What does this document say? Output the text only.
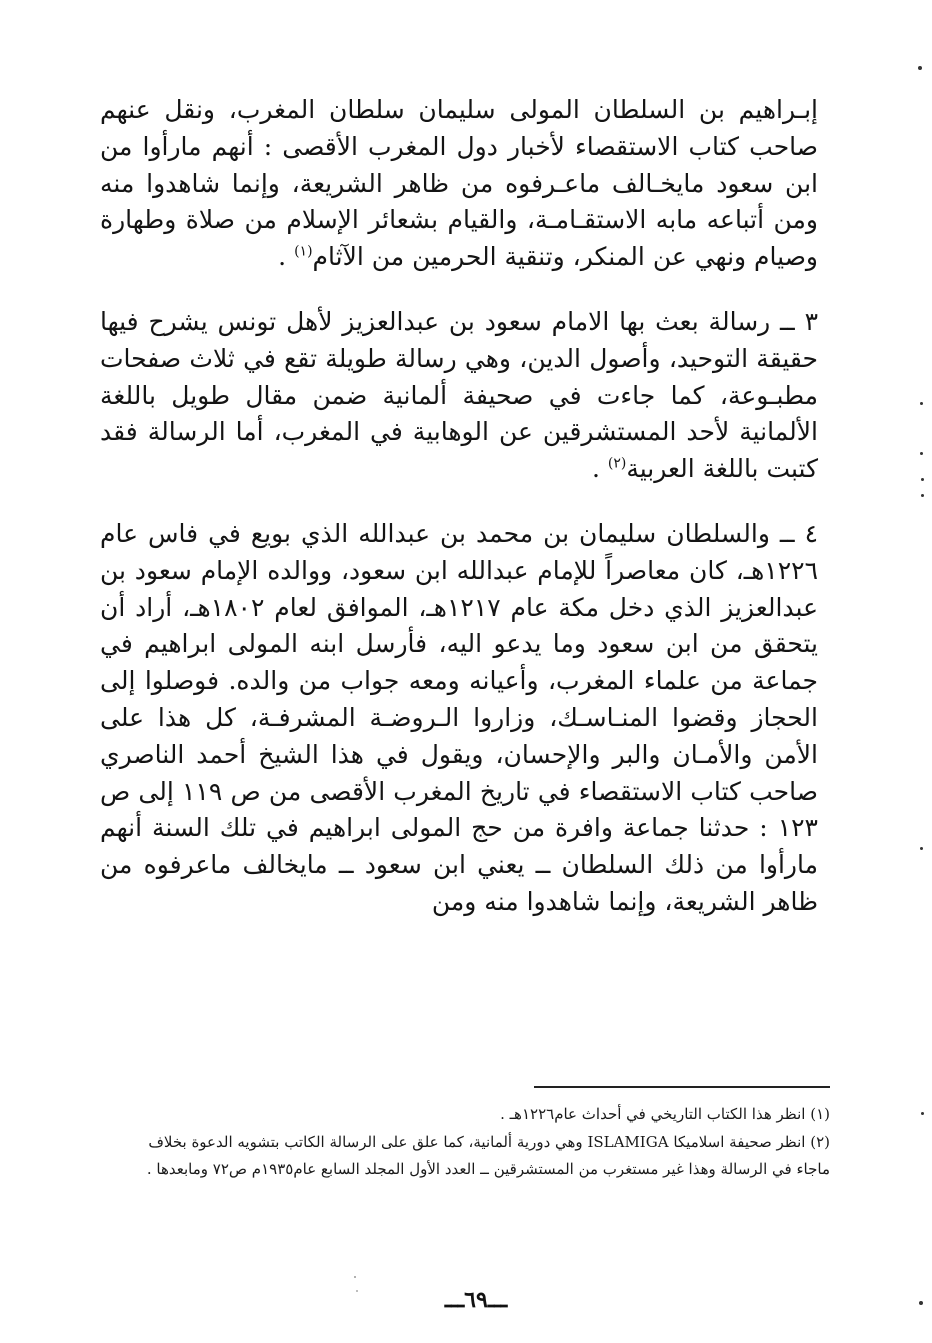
إبـراهيم بن السلطان المولى سليمان سلطان المغرب، ونقل عنهم صاحب كتاب الاستقصاء لأخبار دول المغرب الأقصى : أنهم مارأوا من ابن سعود مايخـالف ماعـرفوه من ظاهر الشريعة، وإنما شاهدوا منه ومن أتباعه مابه الاستقـامـة، والقيام بشعائر الإسلام من صلاة وطهارة وصيام ونهي عن المنكر، وتنقية الحرمين من الآثام$^{(١)}$ .

٣ ــ رسالة بعث بها الامام سعود بن عبدالعزيز لأهل تونس يشرح فيها حقيقة التوحيد، وأصول الدين، وهي رسالة طويلة تقع في ثلاث صفحات مطبـوعة، كما جاءت في صحيفة ألمانية ضمن مقال طويل باللغة الألمانية لأحد المستشرقين عن الوهابية في المغرب، أما الرسالة فقد كتبت باللغة العربية$^{(٢)}$ .

٤ ــ والسلطان سليمان بن محمد بن عبدالله الذي بويع في فاس عام ١٢٢٦هـ، كان معاصراً للإمام عبدالله ابن سعود، ووالده الإمام سعود بن عبدالعزيز الذي دخل مكة عام ١٢١٧هـ، الموافق لعام ١٨٠٢هـ، أراد أن يتحقق من ابن سعود وما يدعو اليه، فأرسل ابنه المولى ابراهيم في جماعة من علماء المغرب، وأعيانه ومعه جواب من والده. فوصلوا إلى الحجاز وقضوا المنـاسـك، وزاروا الـروضـة المشرفـة، كل هذا على الأمن والأمـان والبر والإحسان، ويقول في هذا الشيخ أحمد الناصري صاحب كتاب الاستقصاء في تاريخ المغرب الأقصى من ص ١١٩ إلى ص ١٢٣ : حدثنا جماعة وافرة من حج المولى ابراهيم في تلك السنة أنهم مارأوا من ذلك السلطان ــ يعني ابن سعود ــ مايخالف ماعرفوه من ظاهر الشريعة، وإنما شاهدوا منه ومن

(١) انظر هذا الكتاب التاريخي في أحداث عام١٢٢٦هـ .

(٢) انظر صحيفة اسلاميكا ISLAMIGA وهي دورية ألمانية، كما علق على الرسالة الكاتب بتشويه الدعوة بخلاف ماجاء في الرسالة وهذا غير مستغرب من المستشرقين ــ العدد الأول المجلد السابع عام١٩٣٥م ص٧٢ ومابعدها .

ـــ٦٩ـــ
